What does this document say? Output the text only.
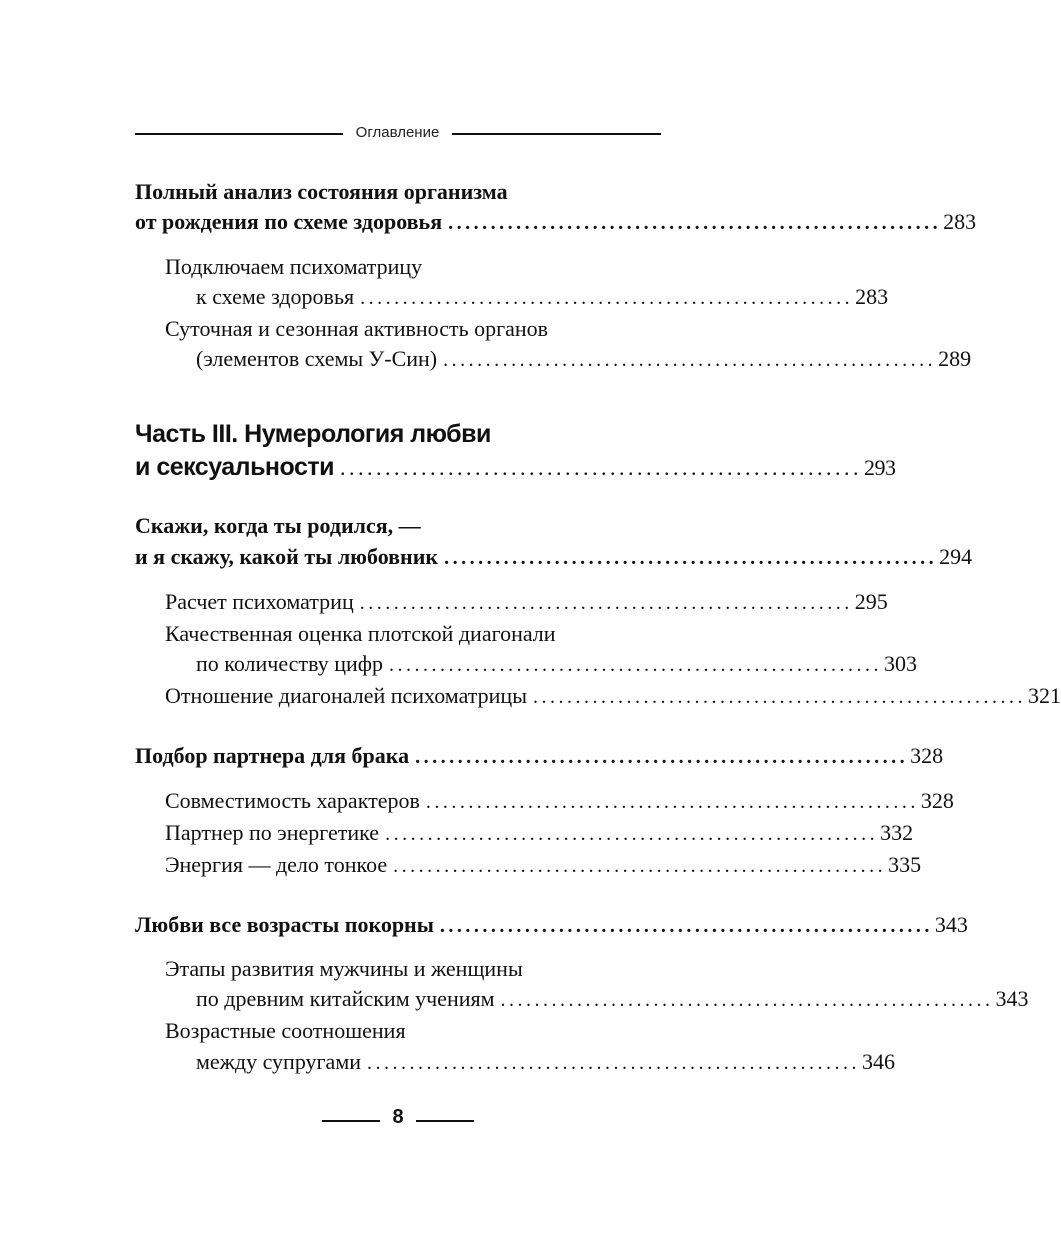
Оглавление
Полный анализ состояния организма
от рождения по схеме здоровья .......................................................... 283
Подключаем психоматрицу
к схеме здоровья .......................................................... 283
Суточная и сезонная активность органов
(элементов схемы У-Син) .......................................................... 289
Часть III. Нумерология любви
и сексуальности .......................................................... 293
Скажи, когда ты родился, —
и я скажу, какой ты любовник .......................................................... 294
Расчет психоматриц .......................................................... 295
Качественная оценка плотской диагонали
по количеству цифр .......................................................... 303
Отношение диагоналей психоматрицы .......................................................... 321
Подбор партнера для брака .......................................................... 328
Совместимость характеров .......................................................... 328
Партнер по энергетике .......................................................... 332
Энергия — дело тонкое .......................................................... 335
Любви все возрасты покорны .......................................................... 343
Этапы развития мужчины и женщины
по древним китайским учениям .......................................................... 343
Возрастные соотношения
между супругами .......................................................... 346
8
